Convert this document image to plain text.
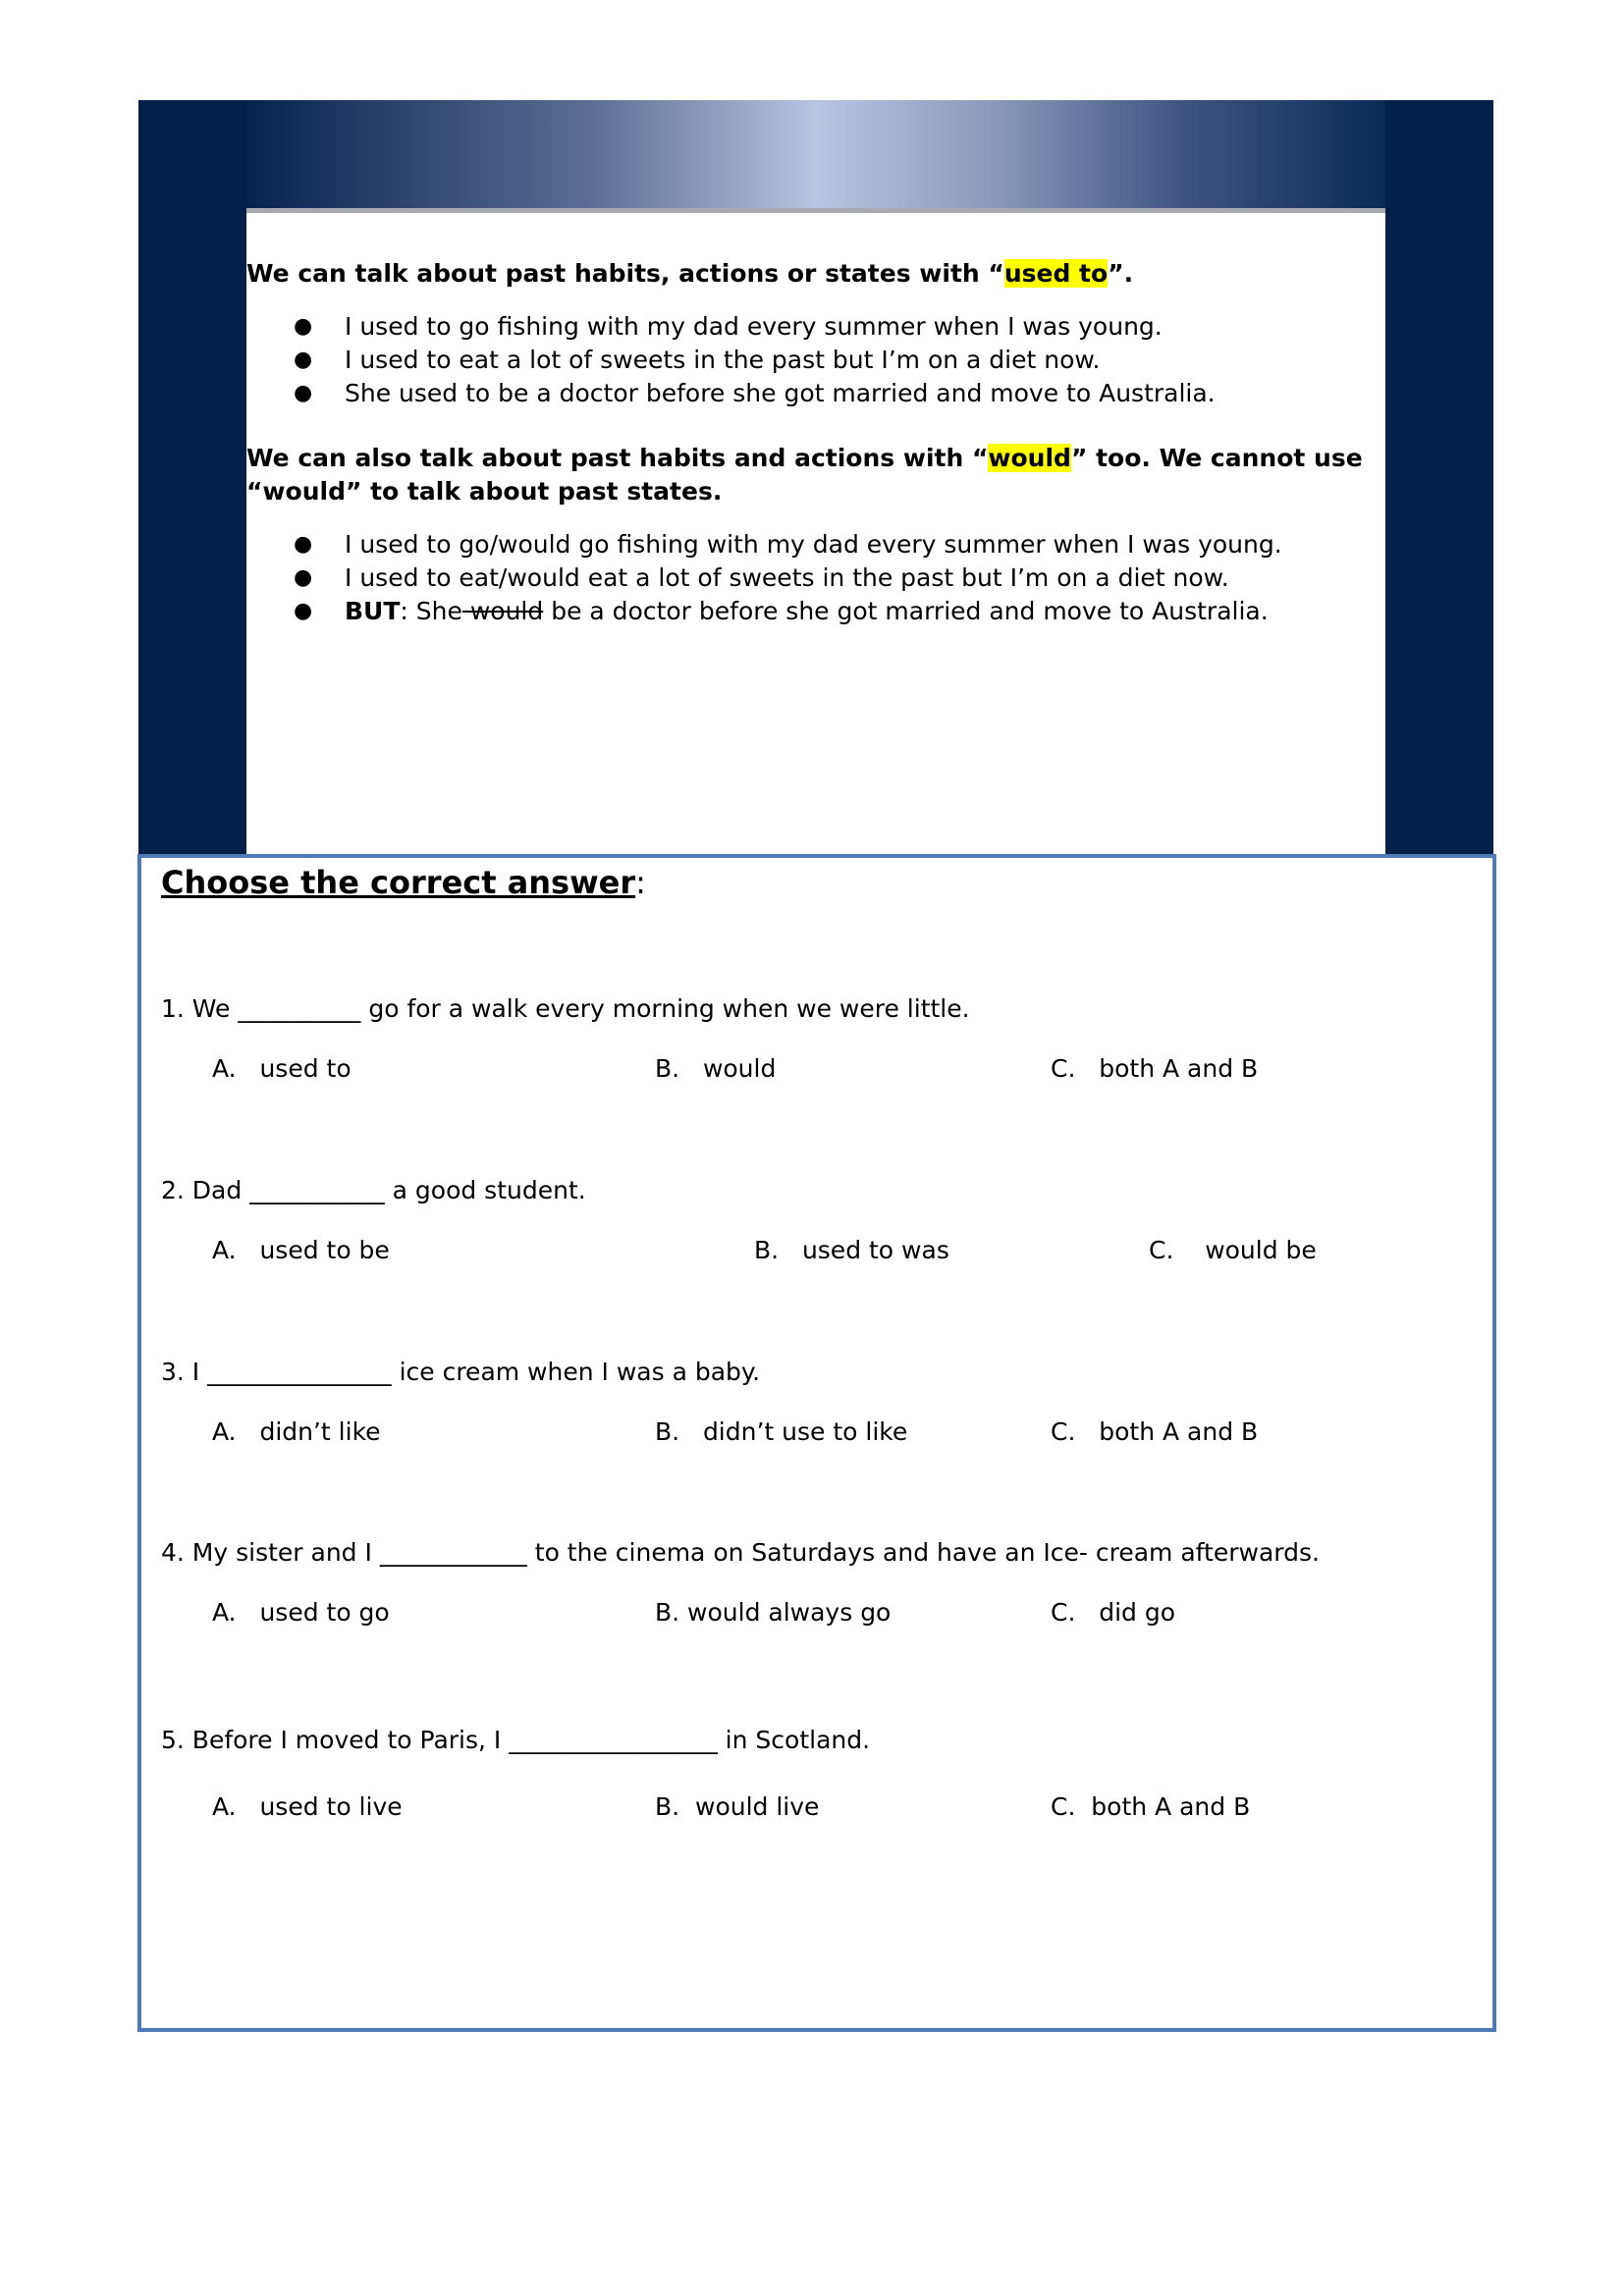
We can talk about past habits, actions or states with “used to”.

● I used to go fishing with my dad every summer when I was young.
● I used to eat a lot of sweets in the past but I’m on a diet now.
● She used to be a doctor before she got married and move to Australia.

We can also talk about past habits and actions with “would” too. We cannot use “would” to talk about past states.

● I used to go/would go fishing with my dad every summer when I was young.
● I used to eat/would eat a lot of sweets in the past but I’m on a diet now.
● BUT: She would be a doctor before she got married and move to Australia.
Choose the correct answer:

1. We __________ go for a walk every morning when we were little.

A.   used to	B.   would	C.   both A and B

2. Dad ___________ a good student.

A.   used to be	B.   used to was	C.    would be

3. I _______________ ice cream when I was a baby.

A.   didn’t like	B.   didn’t use to like	C.   both A and B

4. My sister and I ____________ to the cinema on Saturdays and have an Ice- cream afterwards.

A.   used to go	B. would always go	C.   did go

5. Before I moved to Paris, I _________________ in Scotland.

A.   used to live	B.  would live	C.  both A and B
